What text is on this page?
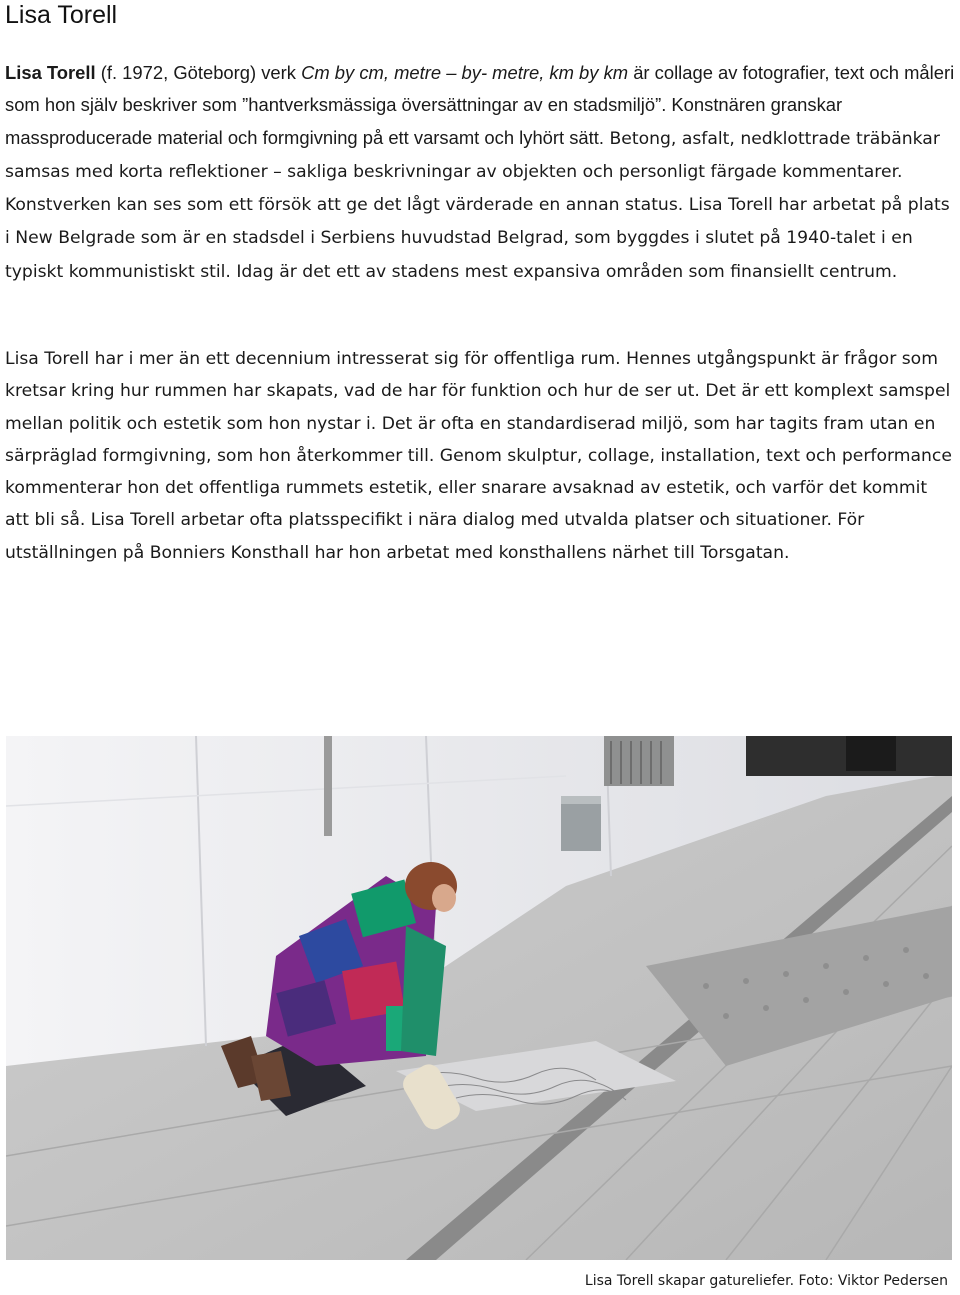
Lisa Torell

Lisa Torell (f. 1972, Göteborg) verk Cm by cm, metre – by- metre, km by km är collage av fotografier, text och måleri som hon själv beskriver som ”hantverksmässiga översättningar av en stadsmiljö”. Konstnären granskar massproducerade material och formgivning på ett varsamt och lyhört sätt. Betong, asfalt, nedklottrade träbänkar samsas med korta reflektioner – sakliga beskrivningar av objekten och personligt färgade kommentarer. Konstverken kan ses som ett försök att ge det lågt värderade en annan status. Lisa Torell har arbetat på plats i New Belgrade som är en stadsdel i Serbiens huvudstad Belgrad, som byggdes i slutet på 1940-talet i en typiskt kommunistiskt stil. Idag är det ett av stadens mest expansiva områden som finansiellt centrum.

Lisa Torell har i mer än ett decennium intresserat sig för offentliga rum. Hennes utgångspunkt är frågor som kretsar kring hur rummen har skapats, vad de har för funktion och hur de ser ut. Det är ett komplext samspel mellan politik och estetik som hon nystar i. Det är ofta en standardiserad miljö, som har tagits fram utan en särpräglad formgivning, som hon återkommer till. Genom skulptur, collage, installation, text och performance kommenterar hon det offentliga rummets estetik, eller snarare avsaknad av estetik, och varför det kommit att bli så. Lisa Torell arbetar ofta platsspecifikt i nära dialog med utvalda platser och situationer. För utställningen på Bonniers Konsthall har hon arbetat med konsthallens närhet till Torsgatan.

Lisa Torell skapar gatureliefer. Foto: Viktor Pedersen
